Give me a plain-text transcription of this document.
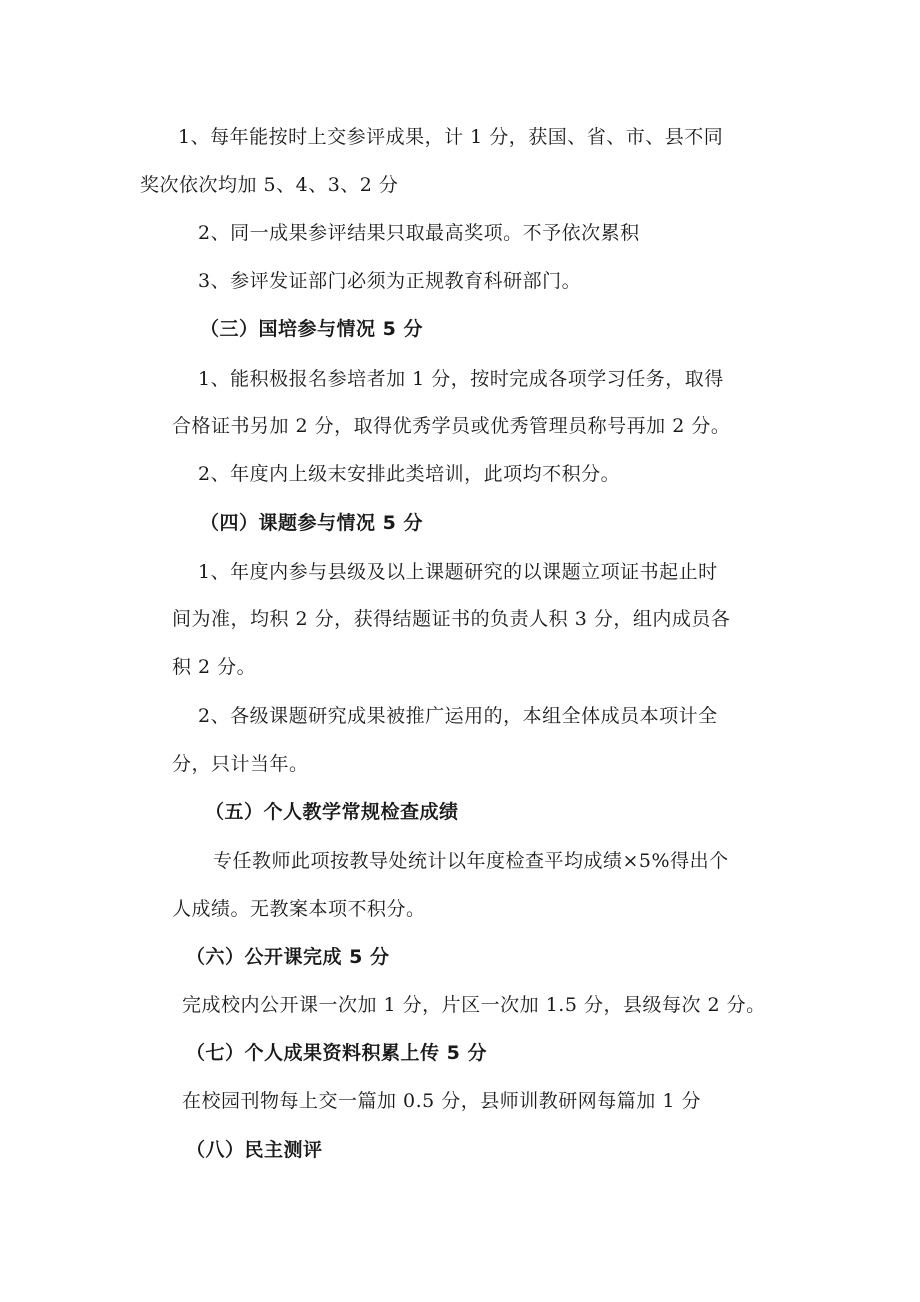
1、每年能按时上交参评成果，计 1 分，获国、省、市、县不同
奖次依次均加 5、4、3、2 分
2、同一成果参评结果只取最高奖项。不予依次累积
3、参评发证部门必须为正规教育科研部门。
（三）国培参与情况 5 分
1、能积极报名参培者加 1 分，按时完成各项学习任务，取得
合格证书另加 2 分，取得优秀学员或优秀管理员称号再加 2 分。
2、年度内上级末安排此类培训，此项均不积分。
（四）课题参与情况 5 分
1、年度内参与县级及以上课题研究的以课题立项证书起止时
间为准，均积 2 分，获得结题证书的负责人积 3 分，组内成员各
积 2 分。
2、各级课题研究成果被推广运用的，本组全体成员本项计全
分，只计当年。
（五）个人教学常规检查成绩
专任教师此项按教导处统计以年度检查平均成绩×5%得出个
人成绩。无教案本项不积分。
（六）公开课完成 5 分
完成校内公开课一次加 1 分，片区一次加 1.5 分，县级每次 2 分。
（七）个人成果资料积累上传 5 分
在校园刊物每上交一篇加 0.5 分，县师训教研网每篇加 1 分
（八）民主测评
